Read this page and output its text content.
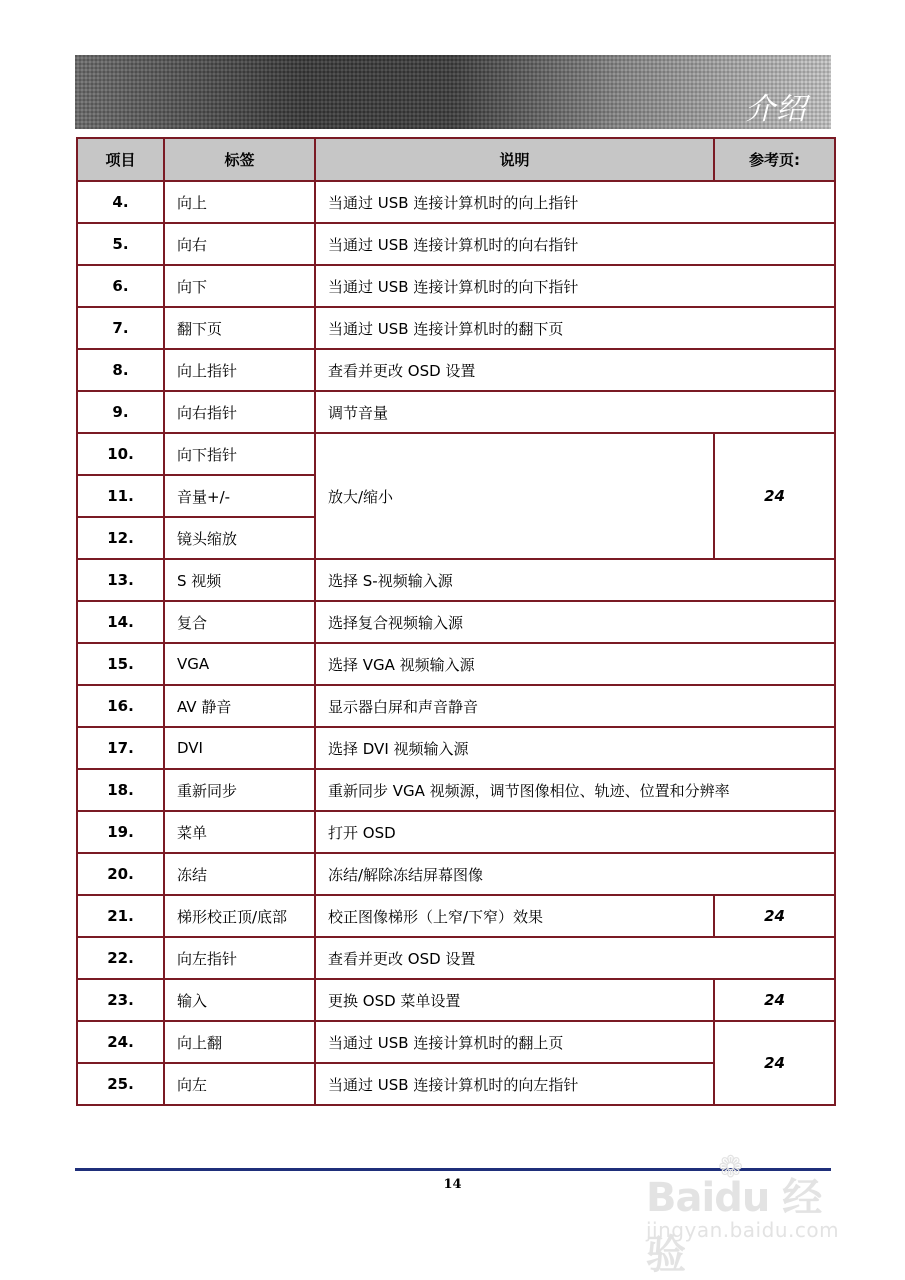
介绍
项目	标签	说明	参考页:
4.	向上	当通过 USB 连接计算机时的向上指针	
5.	向右	当通过 USB 连接计算机时的向右指针	
6.	向下	当通过 USB 连接计算机时的向下指针	
7.	翻下页	当通过 USB 连接计算机时的翻下页	
8.	向上指针	查看并更改 OSD 设置	
9.	向右指针	调节音量	
10.	向下指针	放大/缩小	24
11.	音量+/-		
12.	镜头缩放		
13.	S 视频	选择 S-视频输入源	
14.	复合	选择复合视频输入源	
15.	VGA	选择 VGA 视频输入源	
16.	AV 静音	显示器白屏和声音静音	
17.	DVI	选择 DVI 视频输入源	
18.	重新同步	重新同步 VGA 视频源，调节图像相位、轨迹、位置和分辨率	
19.	菜单	打开 OSD	
20.	冻结	冻结/解除冻结屏幕图像	
21.	梯形校正顶/底部	校正图像梯形（上窄/下窄）效果	24
22.	向左指针	查看并更改 OSD 设置	
23.	输入	更换 OSD 菜单设置	24
24.	向上翻	当通过 USB 连接计算机时的翻上页	24
25.	向左	当通过 USB 连接计算机时的向左指针	
14	❁
Baidu 经验
jingyan.baidu.com
